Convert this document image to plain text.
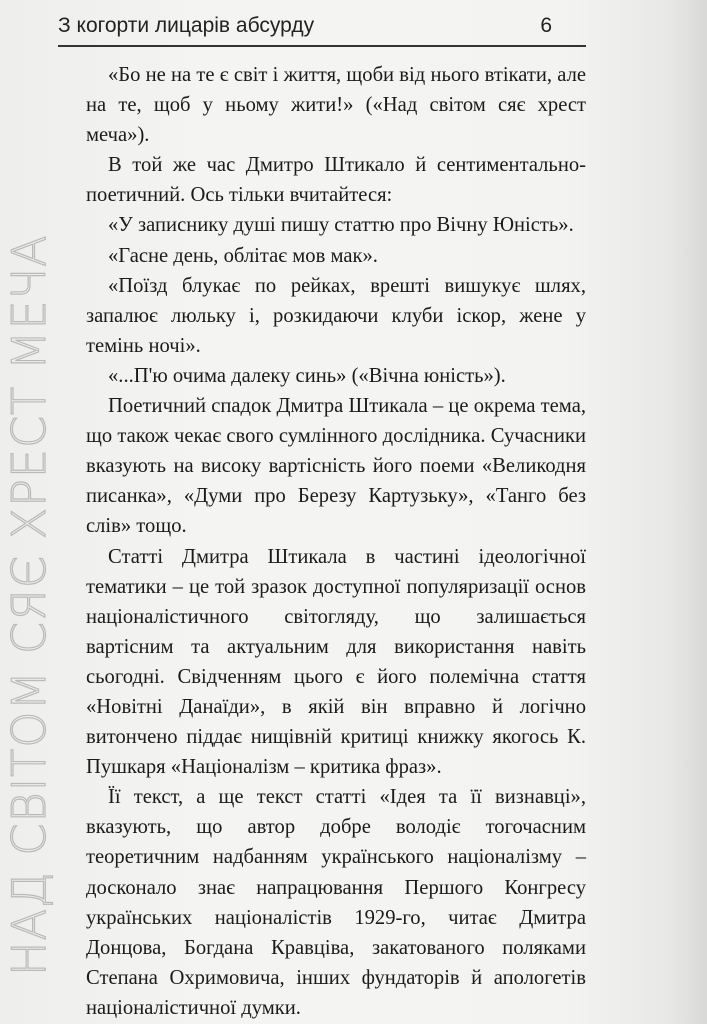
З когорти лицарів абсурду	6
НАД СВІТОМ СЯЄ ХРЕСТ МЕЧА

«Бо не на те є світ і життя, щоби від нього втікати, але на те, щоб у ньому жити!» («Над світом сяє хрест меча»).

В той же час Дмитро Штикало й сентиментально-поетичний. Ось тільки вчитайтеся:

«У записнику душі пишу статтю про Вічну Юність».

«Гасне день, облітає мов мак».

«Поїзд блукає по рейках, врешті вишукує шлях, запалює люльку і, розкидаючи клуби іскор, жене у темінь ночі».

«...П'ю очима далеку синь» («Вічна юність»).

Поетичний спадок Дмитра Штикала – це окрема тема, що також чекає свого сумлінного дослідника. Сучасники вказують на високу вартісність його поеми «Великодня писанка», «Думи про Березу Картузьку», «Танго без слів» тощо.

Статті Дмитра Штикала в частині ідеологічної тематики – це той зразок доступної популяризації основ націоналістичного світогляду, що залишається вартісним та актуальним для використання навіть сьогодні. Свідченням цього є його полемічна стаття «Новітні Данаїди», в якій він вправно й логічно витончено піддає нищівній критиці книжку якогось К. Пушкаря «Націоналізм – критика фраз».

Її текст, а ще текст статті «Ідея та її визнавці», вказують, що автор добре володіє тогочасним теоретичним надбанням українського націоналізму – досконало знає напрацювання Першого Конгресу українських націоналістів 1929-го, читає Дмитра Донцова, Богдана Кравціва, закатованого поляками Степана Охримовича, інших фундаторів й апологетів націоналістичної думки.
